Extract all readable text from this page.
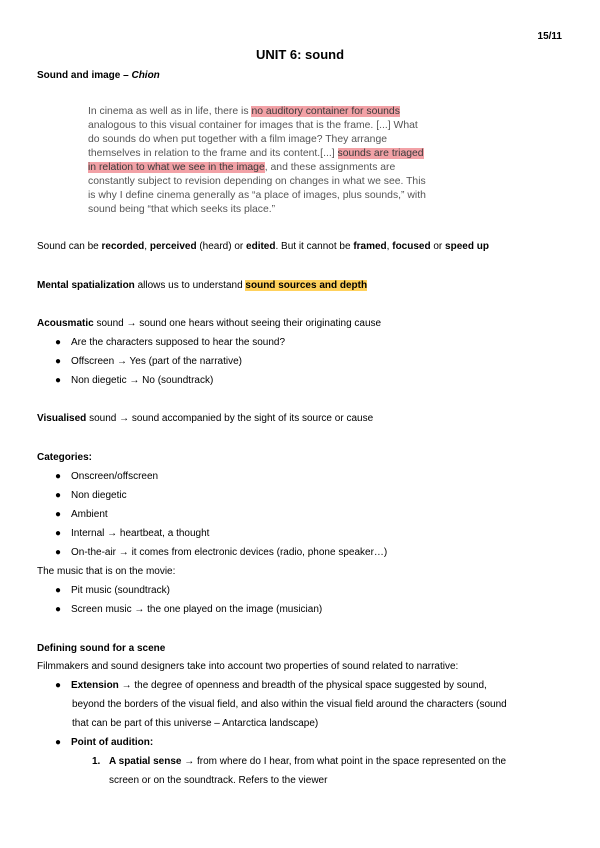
15/11
UNIT 6: sound
Sound and image – Chion

In cinema as well as in life, there is no auditory container for sounds

analogous to this visual container for images that is the frame. [...] What

do sounds do when put together with a film image? They arrange

themselves in relation to the frame and its content.[...] sounds are triaged

in relation to what we see in the image, and these assignments are

constantly subject to revision depending on changes in what we see. This

is why I define cinema generally as “a place of images, plus sounds,” with

sound being “that which seeks its place.”

Sound can be recorded, perceived (heard) or edited. But it cannot be framed, focused or speed up
Mental spatialization allows us to understand sound sources and depth
Acousmatic sound → sound one hears without seeing their originating cause
● Are the characters supposed to hear the sound?
● Offscreen → Yes (part of the narrative)
● Non diegetic → No (soundtrack)
Visualised sound → sound accompanied by the sight of its source or cause
Categories:
● Onscreen/offscreen
● Non diegetic
● Ambient
● Internal → heartbeat, a thought
● On-the-air → it comes from electronic devices (radio, phone speaker…)
The music that is on the movie:
● Pit music (soundtrack)
● Screen music → the one played on the image (musician)
Defining sound for a scene
Filmmakers and sound designers take into account two properties of sound related to narrative:
● Extension → the degree of openness and breadth of the physical space suggested by sound,
beyond the borders of the visual field, and also within the visual field around the characters (sound
that can be part of this universe – Antarctica landscape)
● Point of audition:
1. A spatial sense → from where do I hear, from what point in the space represented on the
screen or on the soundtrack. Refers to the viewer
